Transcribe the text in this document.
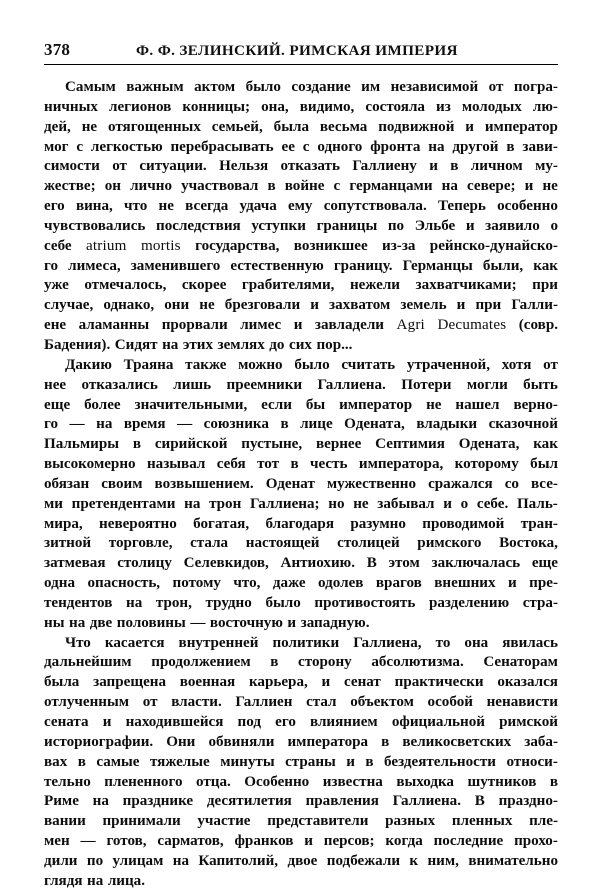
378	Ф. Ф. ЗЕЛИНСКИЙ. РИМСКАЯ ИМПЕРИЯ

Самым важным актом было создание им независимой от погра-
ничных легионов конницы; она, видимо, состояла из молодых лю-
дей, не отягощенных семьей, была весьма подвижной и император
мог с легкостью перебрасывать ее с одного фронта на другой в зави-
симости от ситуации. Нельзя отказать Галлиену и в личном му-
жестве; он лично участвовал в войне с германцами на севере; и не
его вина, что не всегда удача ему сопутствовала. Теперь особенно
чувствовались последствия уступки границы по Эльбе и заявило о
себе atrium mortis государства, возникшее из-за рейнско-дунайско-
го лимеса, заменившего естественную границу. Германцы были, как
уже отмечалось, скорее грабителями, нежели захватчиками; при
случае, однако, они не брезговали и захватом земель и при Галли-
ене аламанны прорвали лимес и завладели Agri Decumates (совр.
Бадения). Сидят на этих землях до сих пор...

Дакию Траяна также можно было считать утраченной, хотя от
нее отказались лишь преемники Галлиена. Потери могли быть
еще более значительными, если бы император не нашел верно-
го — на время — союзника в лице Одената, владыки сказочной
Пальмиры в сирийской пустыне, вернее Септимия Одената, как
высокомерно называл себя тот в честь императора, которому был
обязан своим возвышением. Оденат мужественно сражался со все-
ми претендентами на трон Галлиена; но не забывал и о себе. Паль-
мира, невероятно богатая, благодаря разумно проводимой тран-
зитной торговле, стала настоящей столицей римского Востока,
затмевая столицу Селевкидов, Антиохию. В этом заключалась еще
одна опасность, потому что, даже одолев врагов внешних и пре-
тендентов на трон, трудно было противостоять разделению стра-
ны на две половины — восточную и западную.

Что касается внутренней политики Галлиена, то она явилась
дальнейшим продолжением в сторону абсолютизма. Сенаторам
была запрещена военная карьера, и сенат практически оказался
отлученным от власти. Галлиен стал объектом особой ненависти
сената и находившейся под его влиянием официальной римской
историографии. Они обвиняли императора в великосветских заба-
вах в самые тяжелые минуты страны и в бездеятельности относи-
тельно плененного отца. Особенно известна выходка шутников в
Риме на празднике десятилетия правления Галлиена. В праздно-
вании принимали участие представители разных пленных пле-
мен — готов, сарматов, франков и персов; когда последние прохо-
дили по улицам на Капитолий, двое подбежали к ним, внимательно
глядя на лица.
